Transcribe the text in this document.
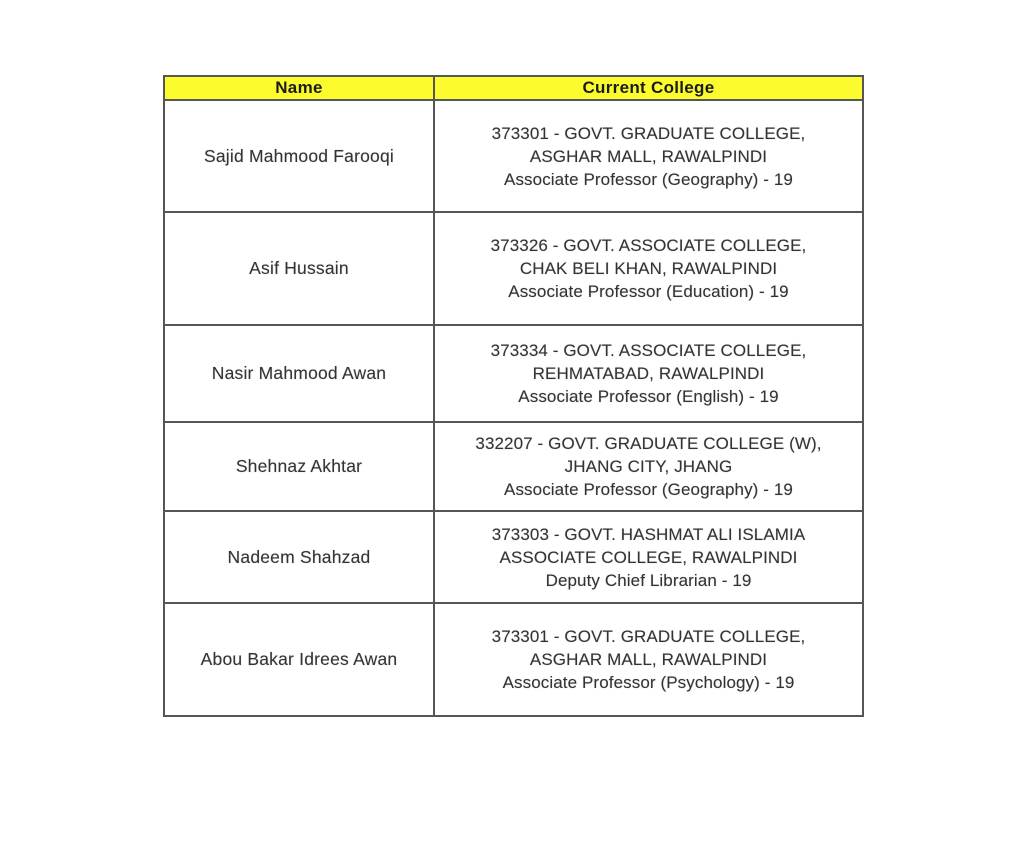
Name	Current College
Sajid Mahmood Farooqi	373301 - GOVT. GRADUATE COLLEGE,
ASGHAR MALL, RAWALPINDI
Associate Professor (Geography) - 19

Asif Hussain	373326 - GOVT. ASSOCIATE COLLEGE,
CHAK BELI KHAN, RAWALPINDI
Associate Professor (Education) - 19

Nasir Mahmood Awan	373334 - GOVT. ASSOCIATE COLLEGE,
REHMATABAD, RAWALPINDI
Associate Professor (English) - 19

Shehnaz Akhtar	332207 - GOVT. GRADUATE COLLEGE (W),
JHANG CITY, JHANG
Associate Professor (Geography) - 19

Nadeem Shahzad	373303 - GOVT. HASHMAT ALI ISLAMIA
ASSOCIATE COLLEGE, RAWALPINDI
Deputy Chief Librarian - 19

Abou Bakar Idrees Awan	373301 - GOVT. GRADUATE COLLEGE,
ASGHAR MALL, RAWALPINDI
Associate Professor (Psychology) - 19
